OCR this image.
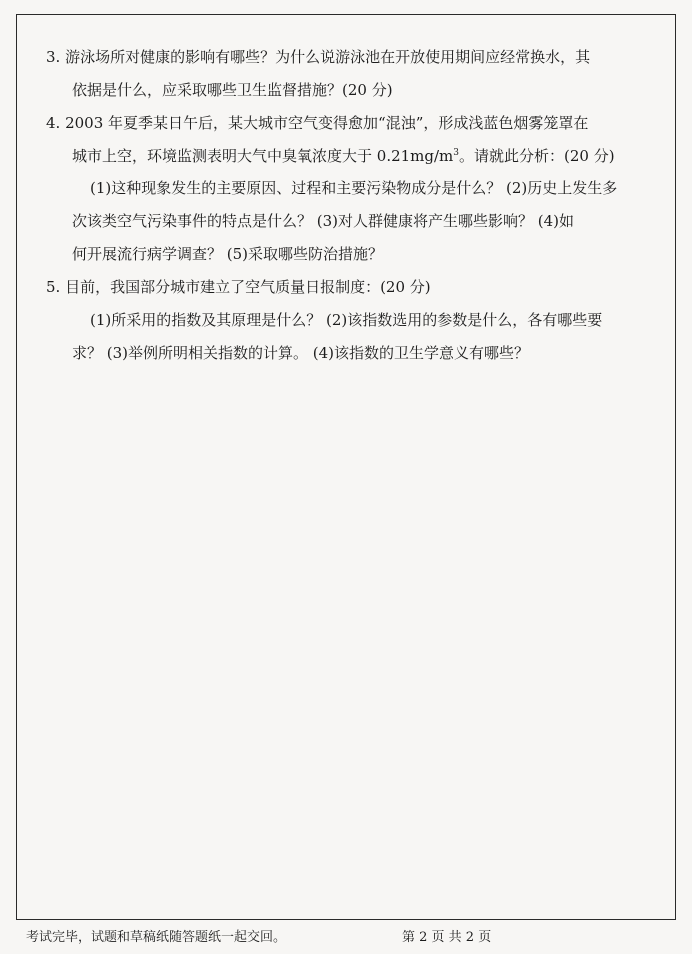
3. 游泳场所对健康的影响有哪些？为什么说游泳池在开放使用期间应经常换水，其
依据是什么，应采取哪些卫生监督措施？(20 分)
4. 2003 年夏季某日午后，某大城市空气变得愈加“混浊”，形成浅蓝色烟雾笼罩在
城市上空，环境监测表明大气中臭氧浓度大于 $0.21mg/m^3$。请就此分析：(20 分)
(1)这种现象发生的主要原因、过程和主要污染物成分是什么？ (2)历史上发生多
次该类空气污染事件的特点是什么？ (3)对人群健康将产生哪些影响？ (4)如
何开展流行病学调查？ (5)采取哪些防治措施？
5. 目前，我国部分城市建立了空气质量日报制度：(20 分)
(1)所采用的指数及其原理是什么？ (2)该指数选用的参数是什么，各有哪些要
求？ (3)举例所明相关指数的计算。 (4)该指数的卫生学意义有哪些？
考试完毕，试题和草稿纸随答题纸一起交回。	第 2 页 共 2 页
